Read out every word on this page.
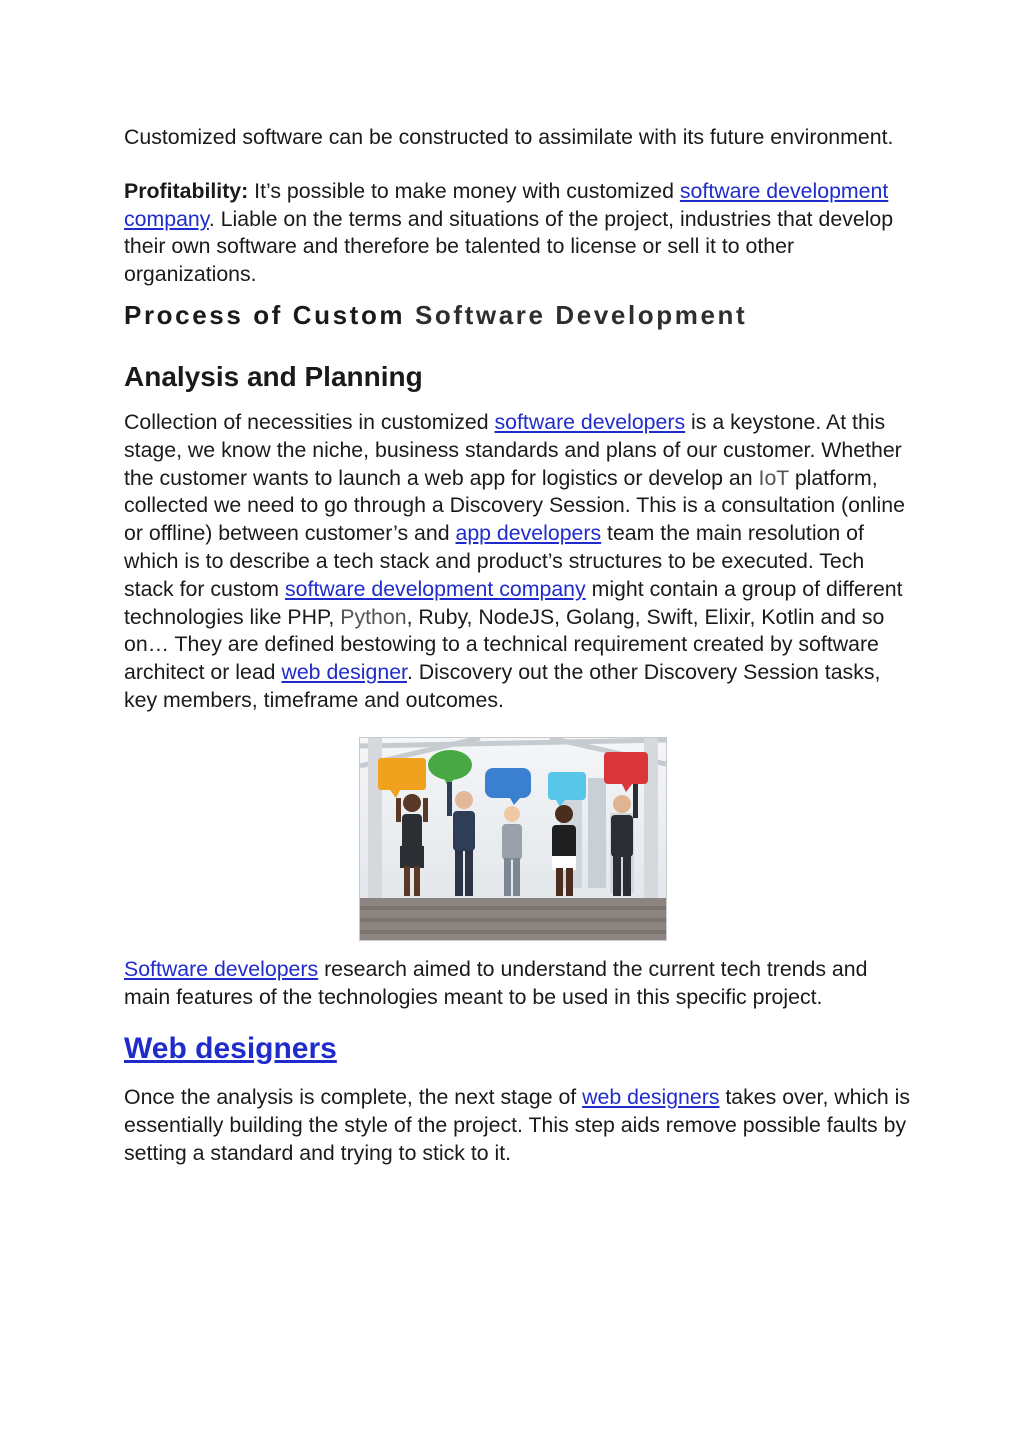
Customized software can be constructed to assimilate with its future environment.

Profitability: It’s possible to make money with customized software development company. Liable on the terms and situations of the project, industries that develop their own software and therefore be talented to license or sell it to other organizations.

Process of Custom Software Development
Analysis and Planning

Collection of necessities in customized software developers is a keystone. At this stage, we know the niche, business standards and plans of our customer. Whether the customer wants to launch a web app for logistics or develop an IoT platform, collected we need to go through a Discovery Session. This is a consultation (online or offline) between customer’s and app developers team the main resolution of which is to describe a tech stack and product’s structures to be executed. Tech stack for custom software development company might contain a group of different technologies like PHP, Python, Ruby, NodeJS, Golang, Swift, Elixir, Kotlin and so on… They are defined bestowing to a technical requirement created by software architect or lead web designer. Discovery out the other Discovery Session tasks, key members, timeframe and outcomes.

Software developers research aimed to understand the current tech trends and main features of the technologies meant to be used in this specific project.

Web designers

Once the analysis is complete, the next stage of web designers takes over, which is essentially building the style of the project. This step aids remove possible faults by setting a standard and trying to stick to it.
